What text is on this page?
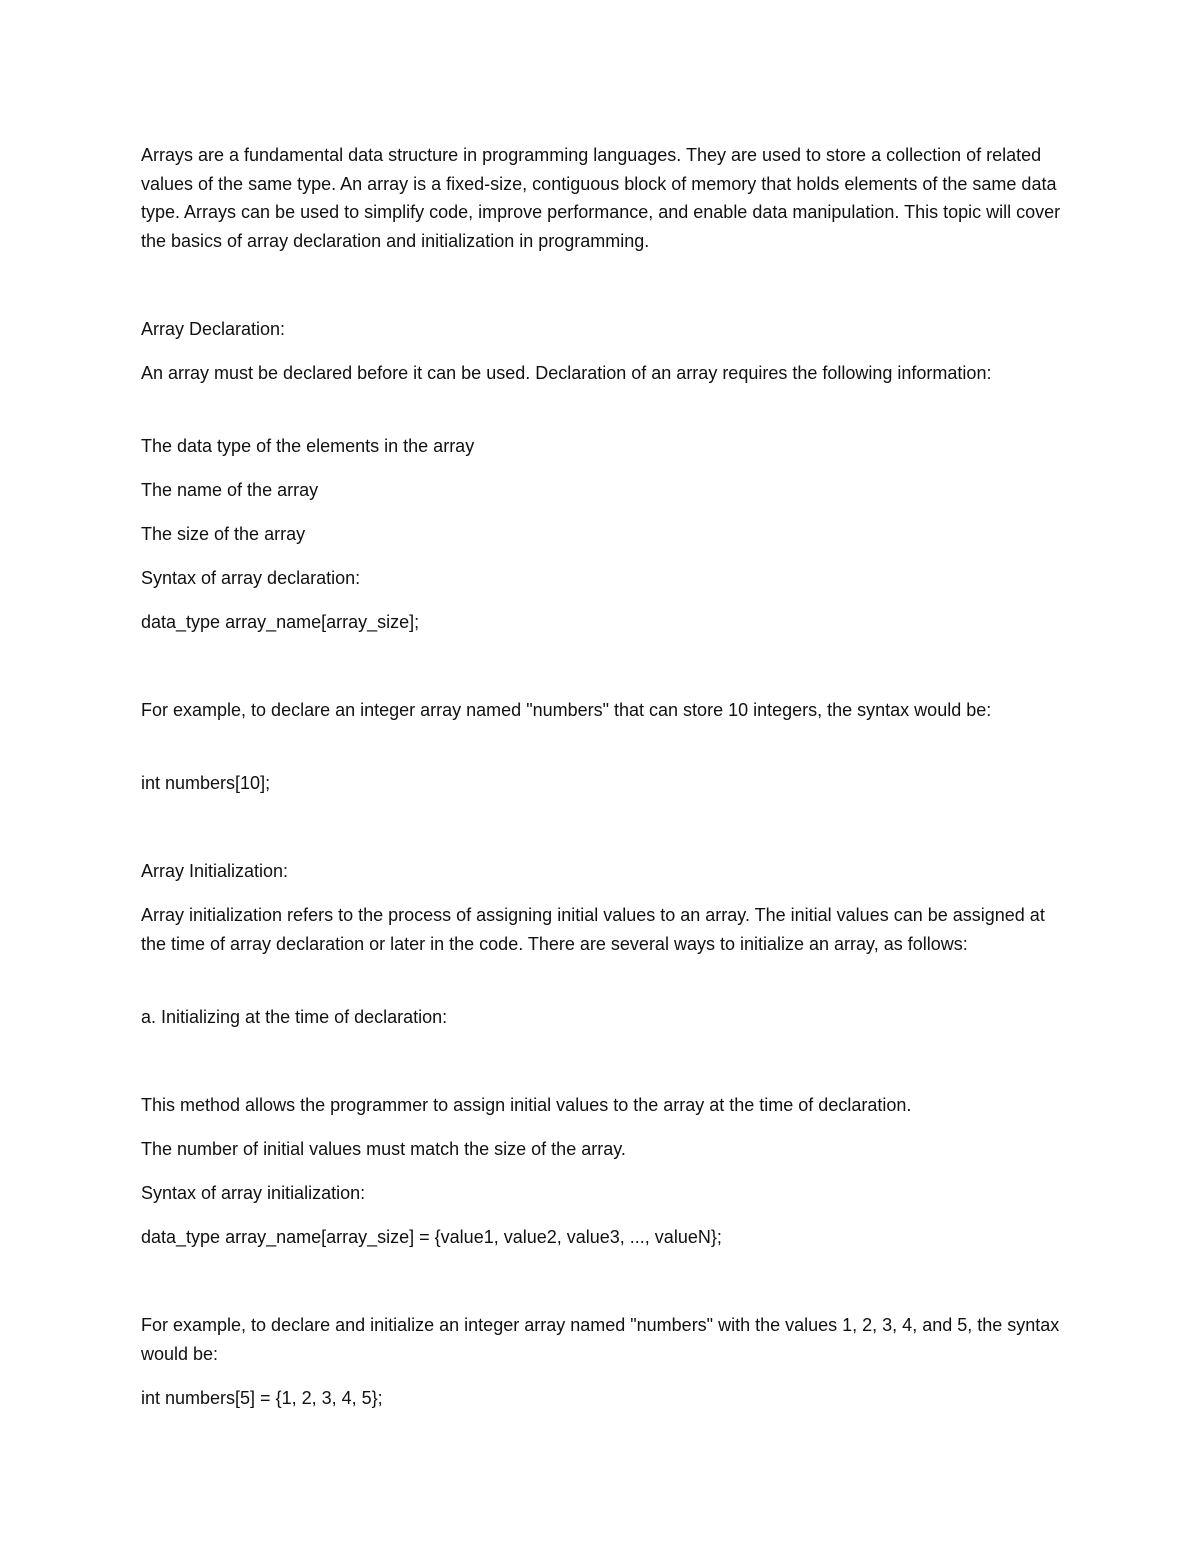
Arrays are a fundamental data structure in programming languages. They are used to store a collection of related values of the same type. An array is a fixed-size, contiguous block of memory that holds elements of the same data type. Arrays can be used to simplify code, improve performance, and enable data manipulation. This topic will cover the basics of array declaration and initialization in programming.

Array Declaration:

An array must be declared before it can be used. Declaration of an array requires the following information:

The data type of the elements in the array

The name of the array

The size of the array

Syntax of array declaration:

data_type array_name[array_size];

For example, to declare an integer array named "numbers" that can store 10 integers, the syntax would be:

int numbers[10];

Array Initialization:

Array initialization refers to the process of assigning initial values to an array. The initial values can be assigned at the time of array declaration or later in the code. There are several ways to initialize an array, as follows:

a. Initializing at the time of declaration:

This method allows the programmer to assign initial values to the array at the time of declaration.

The number of initial values must match the size of the array.

Syntax of array initialization:

data_type array_name[array_size] = {value1, value2, value3, ..., valueN};

For example, to declare and initialize an integer array named "numbers" with the values 1, 2, 3, 4, and 5, the syntax would be:

int numbers[5] = {1, 2, 3, 4, 5};
